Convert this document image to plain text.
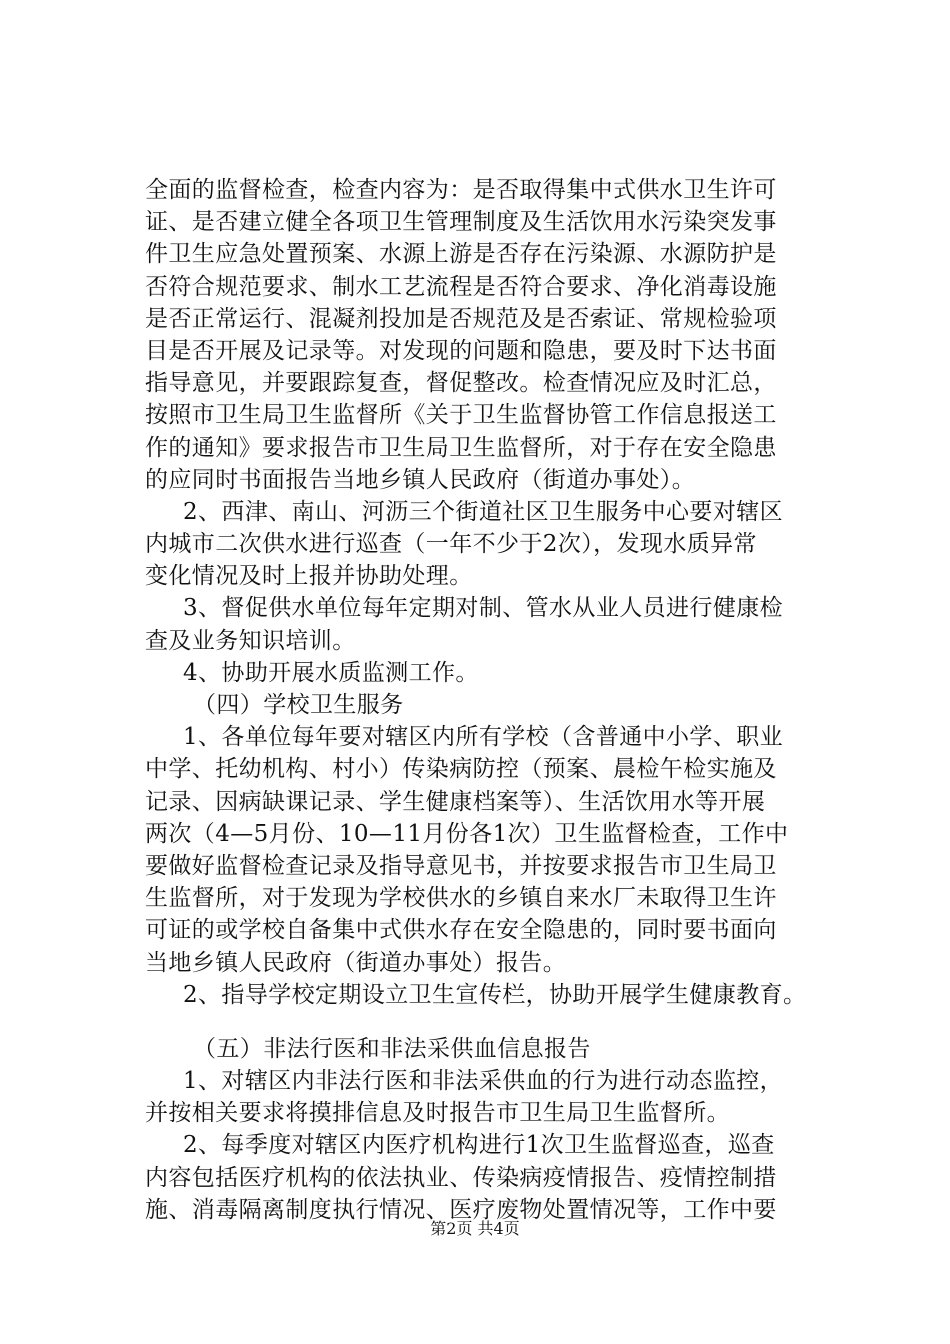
全面的监督检查，检查内容为：是否取得集中式供水卫生许可
证、是否建立健全各项卫生管理制度及生活饮用水污染突发事
件卫生应急处置预案、水源上游是否存在污染源、水源防护是
否符合规范要求、制水工艺流程是否符合要求、净化消毒设施
是否正常运行、混凝剂投加是否规范及是否索证、常规检验项
目是否开展及记录等。对发现的问题和隐患，要及时下达书面
指导意见，并要跟踪复查，督促整改。检查情况应及时汇总，
按照市卫生局卫生监督所《关于卫生监督协管工作信息报送工
作的通知》要求报告市卫生局卫生监督所，对于存在安全隐患
的应同时书面报告当地乡镇人民政府（街道办事处）。
2、西津、南山、河沥三个街道社区卫生服务中心要对辖区
内城市二次供水进行巡查（一年不少于2次），发现水质异常
变化情况及时上报并协助处理。
3、督促供水单位每年定期对制、管水从业人员进行健康检
查及业务知识培训。
4、协助开展水质监测工作。
（四）学校卫生服务
1、各单位每年要对辖区内所有学校（含普通中小学、职业
中学、托幼机构、村小）传染病防控（预案、晨检午检实施及
记录、因病缺课记录、学生健康档案等）、生活饮用水等开展
两次（4—5月份、10—11月份各1次）卫生监督检查，工作中
要做好监督检查记录及指导意见书，并按要求报告市卫生局卫
生监督所，对于发现为学校供水的乡镇自来水厂未取得卫生许
可证的或学校自备集中式供水存在安全隐患的，同时要书面向
当地乡镇人民政府（街道办事处）报告。
2、指导学校定期设立卫生宣传栏，协助开展学生健康教育。
（五）非法行医和非法采供血信息报告
1、对辖区内非法行医和非法采供血的行为进行动态监控，
并按相关要求将摸排信息及时报告市卫生局卫生监督所。
2、每季度对辖区内医疗机构进行1次卫生监督巡查，巡查
内容包括医疗机构的依法执业、传染病疫情报告、疫情控制措
施、消毒隔离制度执行情况、医疗废物处置情况等，工作中要
第2页 共4页
